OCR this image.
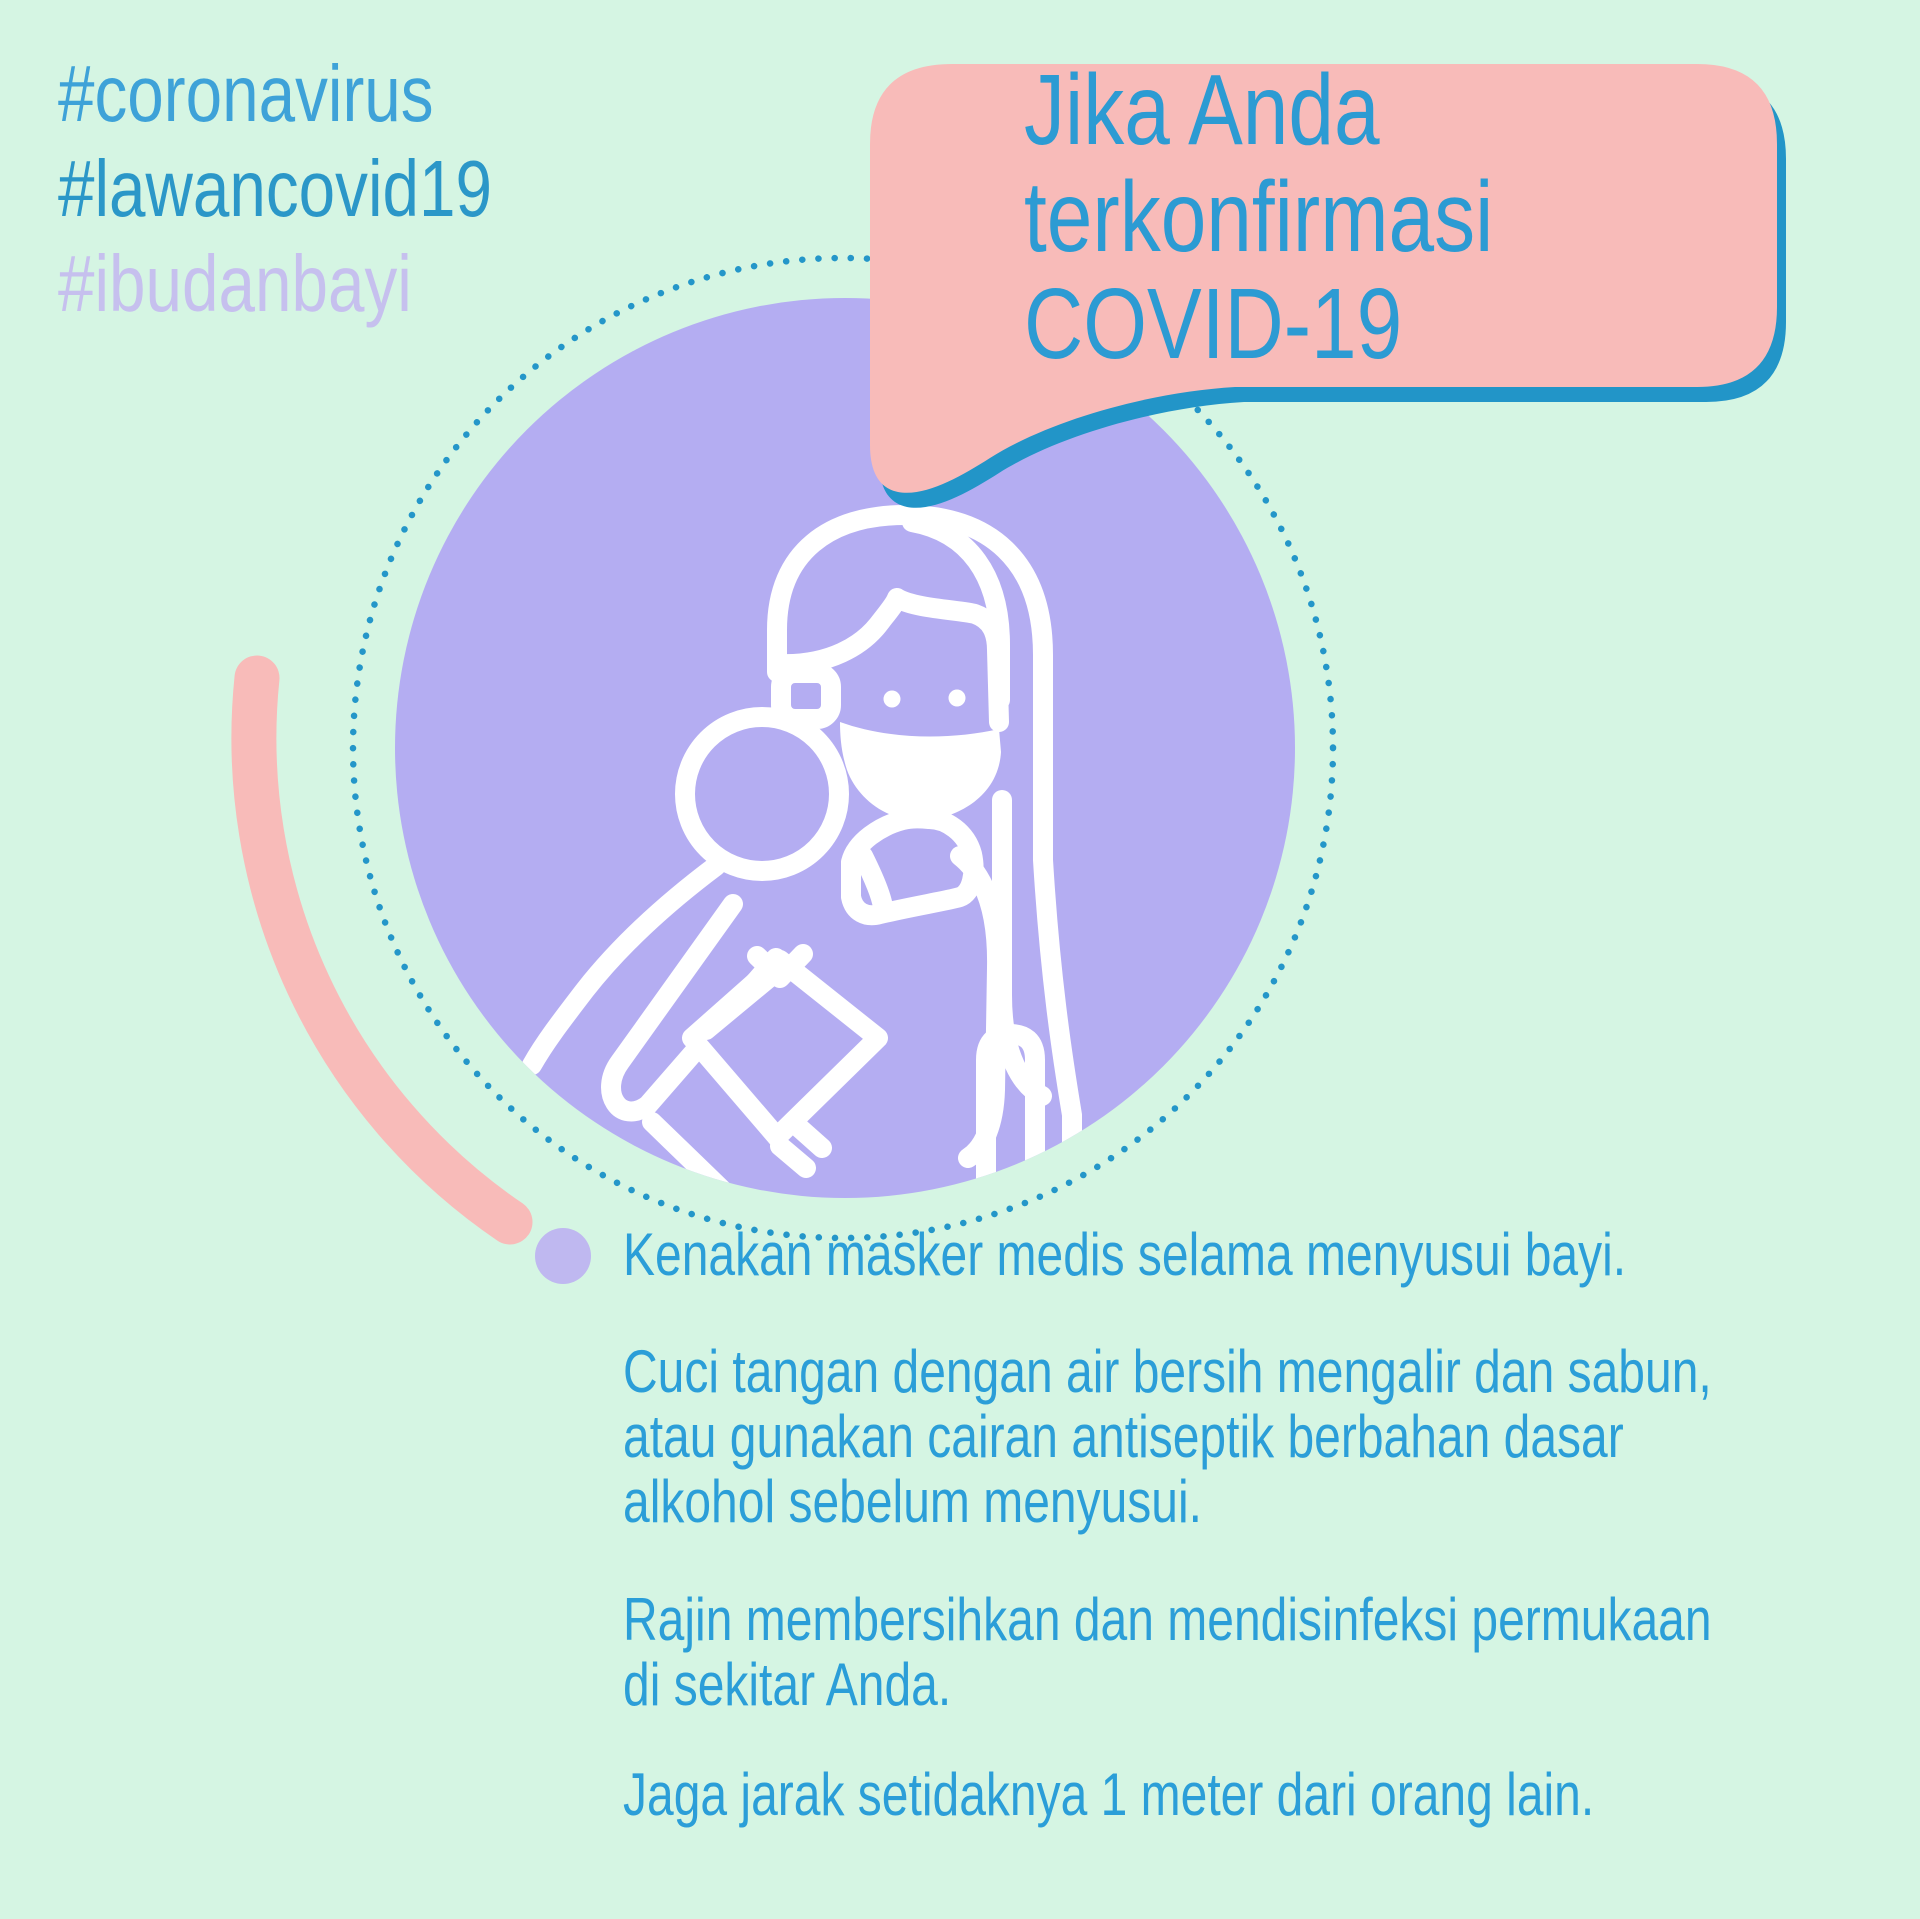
#coronavirus
#lawancovid19
#ibudanbayi
Jika Anda
terkonfirmasi
COVID-19
Kenakan masker medis selama menyusui bayi.
Cuci tangan dengan air bersih mengalir dan sabun,
atau gunakan cairan antiseptik berbahan dasar
alkohol sebelum menyusui.
Rajin membersihkan dan mendisinfeksi permukaan
di sekitar Anda.
Jaga jarak setidaknya 1 meter dari orang lain.
